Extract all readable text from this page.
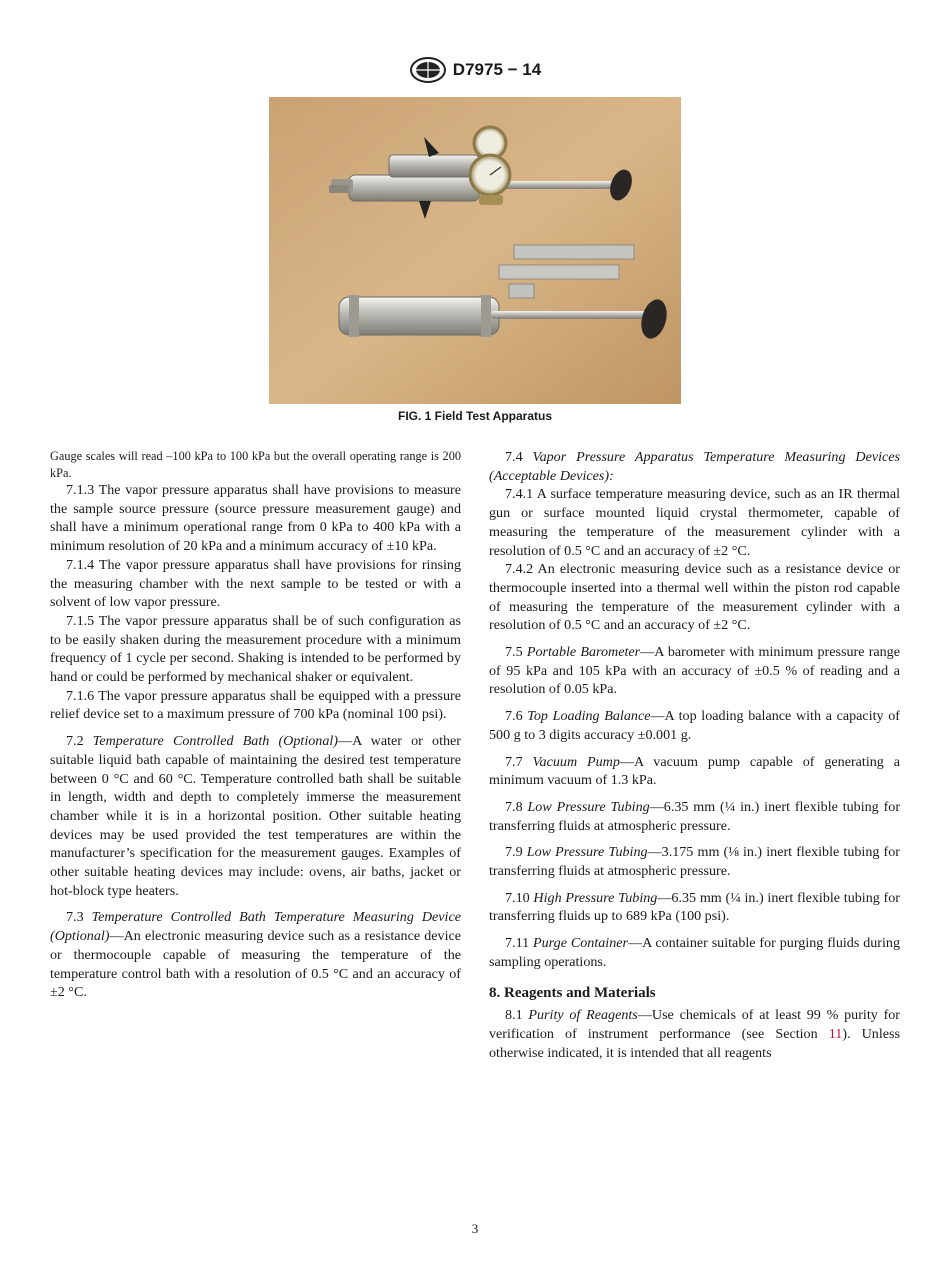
D7975 − 14
FIG. 1 Field Test Apparatus

Gauge scales will read –100 kPa to 100 kPa but the overall operating range is 200 kPa.

7.1.3 The vapor pressure apparatus shall have provisions to measure the sample source pressure (source pressure measurement gauge) and shall have a minimum operational range from 0 kPa to 400 kPa with a minimum resolution of 20 kPa and a minimum accuracy of ±10 kPa.

7.1.4 The vapor pressure apparatus shall have provisions for rinsing the measuring chamber with the next sample to be tested or with a solvent of low vapor pressure.

7.1.5 The vapor pressure apparatus shall be of such configuration as to be easily shaken during the measurement procedure with a minimum frequency of 1 cycle per second. Shaking is intended to be performed by hand or could be performed by mechanical shaker or equivalent.

7.1.6 The vapor pressure apparatus shall be equipped with a pressure relief device set to a maximum pressure of 700 kPa (nominal 100 psi).

7.2 Temperature Controlled Bath (Optional)—A water or other suitable liquid bath capable of maintaining the desired test temperature between 0 °C and 60 °C. Temperature controlled bath shall be suitable in length, width and depth to completely immerse the measurement chamber while it is in a horizontal position. Other suitable heating devices may be used provided the test temperatures are within the manufacturer’s specification for the measurement gauges. Examples of other suitable heating devices may include: ovens, air baths, jacket or hot-block type heaters.

7.3 Temperature Controlled Bath Temperature Measuring Device (Optional)—An electronic measuring device such as a resistance device or thermocouple capable of measuring the temperature of the temperature control bath with a resolution of 0.5 °C and an accuracy of ±2 °C.

7.4 Vapor Pressure Apparatus Temperature Measuring Devices (Acceptable Devices):

7.4.1 A surface temperature measuring device, such as an IR thermal gun or surface mounted liquid crystal thermometer, capable of measuring the temperature of the measurement cylinder with a resolution of 0.5 °C and an accuracy of ±2 °C.

7.4.2 An electronic measuring device such as a resistance device or thermocouple inserted into a thermal well within the piston rod capable of measuring the temperature of the measurement cylinder with a resolution of 0.5 °C and an accuracy of ±2 °C.

7.5 Portable Barometer—A barometer with minimum pressure range of 95 kPa and 105 kPa with an accuracy of ±0.5 % of reading and a resolution of 0.05 kPa.

7.6 Top Loading Balance—A top loading balance with a capacity of 500 g to 3 digits accuracy ±0.001 g.

7.7 Vacuum Pump—A vacuum pump capable of generating a minimum vacuum of 1.3 kPa.

7.8 Low Pressure Tubing—6.35 mm (¼ in.) inert flexible tubing for transferring fluids at atmospheric pressure.

7.9 Low Pressure Tubing—3.175 mm (⅛ in.) inert flexible tubing for transferring fluids at atmospheric pressure.

7.10 High Pressure Tubing—6.35 mm (¼ in.) inert flexible tubing for transferring fluids up to 689 kPa (100 psi).

7.11 Purge Container—A container suitable for purging fluids during sampling operations.

8. Reagents and Materials

8.1 Purity of Reagents—Use chemicals of at least 99 % purity for verification of instrument performance (see Section 11). Unless otherwise indicated, it is intended that all reagents

3
